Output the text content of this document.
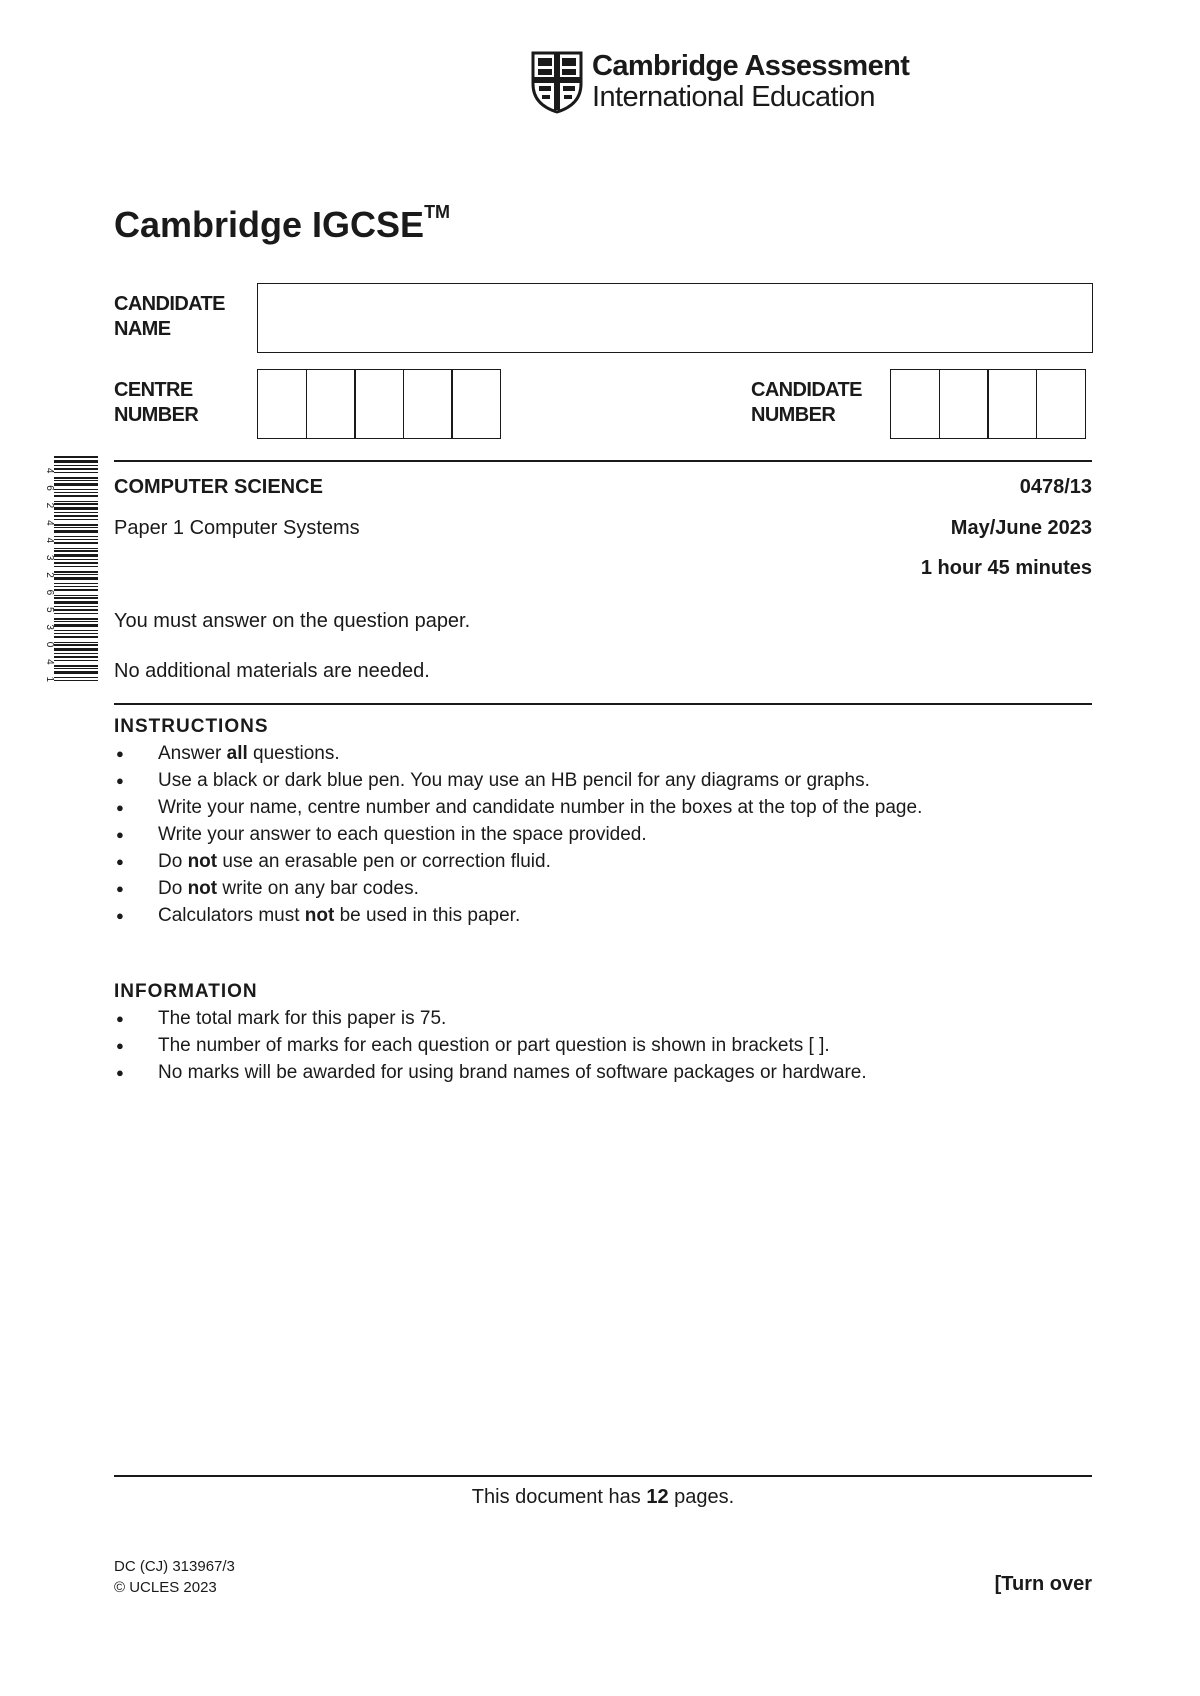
Cambridge Assessment
International Education
Cambridge IGCSE™
CANDIDATE
NAME
CENTRE
NUMBER
CANDIDATE
NUMBER
4
6
2
4
4
3
2
6
5
3
0
4
1
COMPUTER SCIENCE	0478/13
Paper 1 Computer Systems	May/June 2023
1 hour 45 minutes
You must answer on the question paper.
No additional materials are needed.
INSTRUCTIONS
● Answer all questions.
● Use a black or dark blue pen. You may use an HB pencil for any diagrams or graphs.
● Write your name, centre number and candidate number in the boxes at the top of the page.
● Write your answer to each question in the space provided.
● Do not use an erasable pen or correction fluid.
● Do not write on any bar codes.
● Calculators must not be used in this paper.
INFORMATION
● The total mark for this paper is 75.
● The number of marks for each question or part question is shown in brackets [ ].
● No marks will be awarded for using brand names of software packages or hardware.
This document has 12 pages.
DC (CJ) 313967/3
© UCLES 2023	[Turn over
